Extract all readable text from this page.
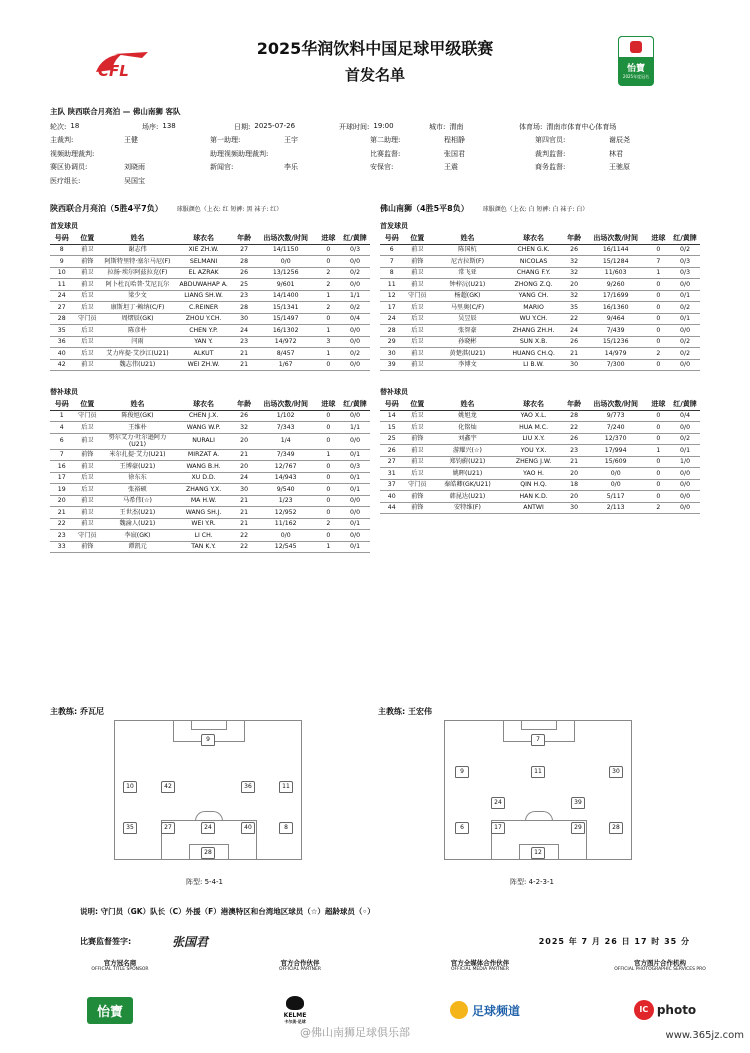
CFL
2025华润饮料中国足球甲级联赛
首发名单	怡寶
2025年度冠名
主队 陕西联合月亮泊 — 佛山南狮 客队
轮次: 18	场序: 138	日期: 2025-07-26	开球时间: 19:00	城市: 渭南	体育场: 渭南市体育中心体育场
主裁判:	王健	第一助理:	王宇	第二助理:	程相静	第四官员:	谢辰尧
视频助理裁判:	助理视频助理裁判:	比赛监督:	张国君	裁判监督:	林君
赛区协调员:	刘晓雨	新闻官:	李乐	安保官:	王震	商务监督:	王驰原
医疗组长:	吴国宝
陕西联合月亮泊（5胜4平7负） 球服颜色（上衣: 红 短裤: 黑 袜子: 红）
首发球员
号码	位置	姓名	球衣名	年龄	出场次数/时间	进球	红/黄牌
8	前卫	谢志伟	XIE ZH.W.	27	14/1150	0	0/3
9	前锋	阿斯特里特·塞尔马尼(F)	SELMANI	28	0/0	0	0/0
10	前卫	拉扬·埃尔阿兹拉克(F)	EL AZRAK	26	13/1256	2	0/2
11	前卫	阿卜杜瓦哈普·艾尼瓦尔	ABDUWAHAP A.	25	9/601	2	0/0
24	后卫	梁少文	LIANG SH.W.	23	14/1400	1	1/1
27	后卫	康斯坦丁·赖纳(C/F)	C.REINER	28	15/1341	2	0/2
28	守门员	周熠辰(GK)	ZHOU Y.CH.	30	15/1497	0	0/4
35	后卫	陈彦朴	CHEN Y.P.	24	16/1302	1	0/0
36	后卫	闫雨	YAN Y.	23	14/972	3	0/0
40	后卫	艾力库提·艾沙江(U21)	ALKUT	21	8/457	1	0/2
42	前卫	魏志伟(U21)	WEI ZH.W.	21	1/67	0	0/0
替补球员
号码	位置	姓名	球衣名	年龄	出场次数/时间	进球	红/黄牌
1	守门员	陈俊旭(GK)	CHEN J.X.	26	1/102	0	0/0
4	后卫	王维朴	WANG W.P.	32	7/343	0	1/1
6	前卫	努尔艾力·吐尔逊阿力(U21)	NURALI	20	1/4	0	0/0
7	前锋	米尔扎提·艾力(U21)	MIRZAT A.	21	7/349	1	0/1
16	前卫	王博豪(U21)	WANG B.H.	20	12/767	0	0/3
17	后卫	徐东东	XU D.D.	24	14/943	0	0/1
19	后卫	张裕硕	ZHANG Y.X.	30	9/540	0	0/1
20	前卫	马希伟(☆)	MA H.W.	21	1/23	0	0/0
21	前卫	王世杰(U21)	WANG SH.J.	21	12/952	0	0/0
22	前卫	魏渝人(U21)	WEI Y.R.	21	11/162	2	0/1
23	守门员	李宸(GK)	LI CH.	22	0/0	0	0/0
33	前锋	谭凯元	TAN K.Y.	22	12/545	1	0/1
佛山南狮（4胜5平8负） 球服颜色（上衣: 白 短裤: 白 袜子: 白）
首发球员
号码	位置	姓名	球衣名	年龄	出场次数/时间	进球	红/黄牌
6	前卫	陈国杭	CHEN G.K.	26	16/1144	0	0/2
7	前锋	尼古拉斯(F)	NICOLAS	32	15/1284	7	0/3
8	前卫	常飞亚	CHANG F.Y.	32	11/603	1	0/3
11	前卫	钟梓沅(U21)	ZHONG Z.Q.	20	9/260	0	0/0
12	守门员	杨超(GK)	YANG CH.	32	17/1699	0	0/1
17	后卫	马里奥(C/F)	MARIO	35	16/1360	0	0/2
24	后卫	吴昱辰	WU Y.CH.	22	9/464	0	0/1
28	后卫	张智豪	ZHANG ZH.H.	24	7/439	0	0/0
29	后卫	孙晓彬	SUN X.B.	26	15/1236	0	0/2
30	前卫	黄楚淇(U21)	HUANG CH.Q.	21	14/979	2	0/2
39	前卫	李博文	LI B.W.	30	7/300	0	0/0
替补球员
号码	位置	姓名	球衣名	年龄	出场次数/时间	进球	红/黄牌
14	后卫	姚旭龙	YAO X.L.	28	9/773	0	0/4
15	后卫	化铭灿	HUA M.C.	22	7/240	0	0/0
25	前锋	刘鑫宇	LIU X.Y.	26	12/370	0	0/2
26	前卫	游耀兴(☆)	YOU Y.X.	23	17/994	1	0/1
27	前卫	郑钧蔚(U21)	ZHENG J.W.	21	15/609	0	1/0
31	后卫	姚晖(U21)	YAO H.	20	0/0	0	0/0
37	守门员	秦皓卿(GK/U21)	QIN H.Q.	18	0/0	0	0/0
40	前锋	韩昆达(U21)	HAN K.D.	20	5/117	0	0/0
44	前锋	安特维(F)	ANTWI	30	2/113	2	0/0
主教练: 乔瓦尼	主教练: 王宏伟
9
10	42	36	11
35	27	24	40	8
28
7
9	11	30
24	39
6	17	29	28
12
阵型: 5-4-1	阵型: 4-2-3-1
说明: 守门员（GK）队长（C）外援（F）港澳特区和台湾地区球员（☆）超龄球员（◦）
比赛监督签字:	张国君	2025 年 7 月 26 日 17 时 35 分
官方冠名商
OFFICIAL TITLE SPONSOR
官方合作伙伴
OFFICIAL PARTNER
官方全媒体合作伙伴
OFFICIAL MEDIA PARTNER
官方图片合作机构
OFFICIAL PHOTOGRAPHIC SERVICES PRO
怡寶	KELME
卡尔美·足球
足球频道	IC photo
@佛山南狮足球俱乐部	www.365jz.com
